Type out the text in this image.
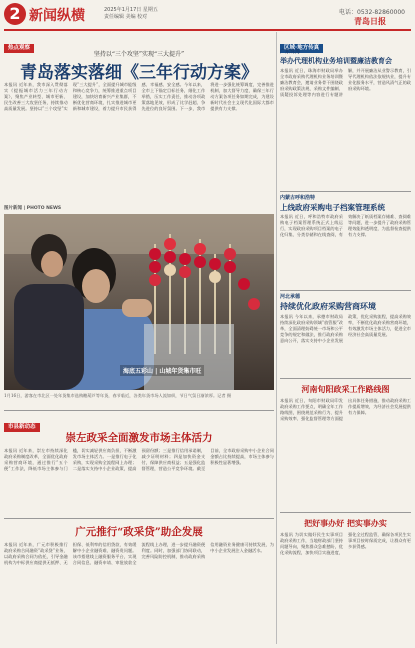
2 新闻纵横	2025年1月17日 星期五
责任编辑 美编 校对
电话：0532-82860000
青岛日报
热点观察
坚持以“三个攻坚”实现“三大提升”
青岛落实落细《三年行动方案》
本报讯 近年来，我市深入贯彻落实《提振城市活力三年行动方案》，聚焦产业转型、城市更新、民生改善三大攻坚任务，持续推动高质量发展。坚持以“三个攻坚”实现“三大提升”，全面提升城市能级和核心竞争力，统筹推进重点项目建设，加快培育新兴产业集群，不断优化营商环境，扎实推进城市更新和城市建设，着力提升市民获得感、幸福感、安全感。今年以来，全市上下锚定目标任务，细化工作举措，压实工作责任，推动各项政策落地见效，形成了比学赶超、争先进位的良好氛围。下一步，我市将进一步强化统筹调度，完善推进机制，加大督导力度，确保三年行动方案各项任务如期完成，为建设新时代社会主义现代化国际大都市提供有力支撑。
图片新闻 | PHOTO NEWS
海底五彩山 | 山城年货集市旺
1月16日，游客在市北区一处年货集市选购糖葫芦等年货，春节临近，各类年货市场人流如织，节日气氛日渐浓厚。记者 摄
市县新动态
崇左政采全面激发市场主体活力
本报讯 近年来，崇左市持续深化政府采购制度改革，全面优化政府采购营商环境，通过推行“五个便”工作法，降低市场主体参与门槛，切实减轻供应商负担，不断激发市场主体活力。一是推行电子化采购，实现采购全流程网上办理；二是落实支持中小企业政策，提高预留份额；三是推行信用承诺制，减少证明材料；四是加快资金支付，保障供应商权益；五是强化监督管理，营造公平竞争环境。截至目前，全市政府采购中小企业合同金额占比持续提高，市场主体参与积极性显著增强。
广元推行“政采贷”助企发展
本报讯 近年来，广元市积极推行政府采购合同融资“政采贷”业务，以政府采购合同为依托，引导金融机构为中标供应商提供无抵押、无担保、低利率的信用贷款，有效缓解中小企业融资难、融资贵问题。该市搭建线上融资服务平台，实现合同信息、融资申请、审批放款全流程线上办理，进一步提升融资便利度。同时，加强部门协同联动，完善风险防控机制，推动政府采购信用融资业务健康可持续发展，为中小企业发展注入金融活水。
区域·地方传真
广东珠海
举办代理机构业务培训暨廉洁教育会
本报讯 近日，珠海市财政局举办全市政府采购代理机构业务培训暨廉洁教育会，邀请业务骨干围绕政府采购政策法规、采购文件编制、质疑投诉处理等内容进行专题讲解，并开展廉洁从业警示教育，引导代理机构依法依规执业，提升专业化服务水平，营造风清气正的政府采购环境。
内蒙古呼和浩特
上线政府采购电子档案管理系统
本报讯 近日，呼和浩特市政府采购电子档案管理系统正式上线运行，实现政府采购项目档案的电子化归集、分类存储和在线查阅，有效解决了纸质档案存储难、查阅难等问题，进一步提升了政府采购管理效能和透明度，为监督检查提供有力支撑。
河北承德
持续优化政府采购营商环境
本报讯 今年以来，承德市财政局持续深化政府采购领域“放管服”改革，全面清理妨碍统一市场和公平竞争的规定和做法，推行政府采购意向公开，落实支持中小企业发展政策，优化采购流程，提高采购效率，不断优化政府采购营商环境，有效激发市场主体活力，促进全市经济社会高质量发展。
河南旬阳政采工作路线图
本报讯 近日，旬阳市财政局印发政府采购工作要点，明确全年工作路线图，围绕规范采购行为、提升采购效率、强化监督管理等方面提出具体任务措施，推动政府采购工作提质增效，为经济社会发展提供有力保障。
把好事办好 把实事办实
本报讯 为切实做好民生实事项目政府采购工作，当地财政部门坚持问题导向，聚焦群众急难愁盼，优化采购流程，加快项目实施进度，强化全过程监管，确保各项民生实事项目按时保质完成，让群众有更多获得感。
